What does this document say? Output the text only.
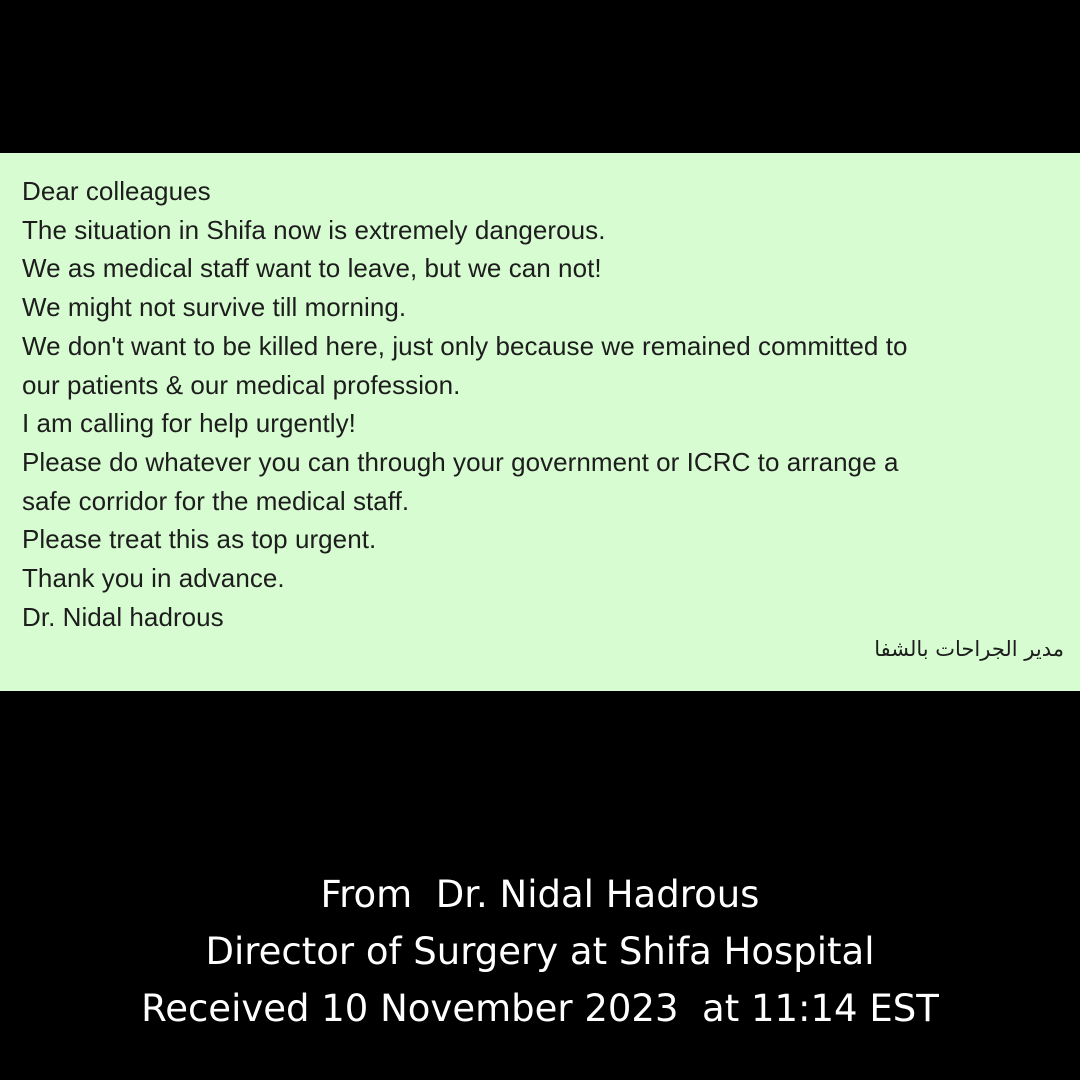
Dear colleagues
The situation in Shifa now is extremely dangerous.
We as medical staff want to leave, but we can not!
We might not survive till morning.
We don't want to be killed here, just only because we remained committed to
our patients & our medical profession.
I am calling for help urgently!
Please do whatever you can through your government or ICRC to arrange a
safe corridor for the medical staff.
Please treat this as top urgent.
Thank you in advance.
Dr. Nidal hadrous
مدير الجراحات بالشفا
From  Dr. Nidal Hadrous
Director of Surgery at Shifa Hospital
Received 10 November 2023  at 11:14 EST
